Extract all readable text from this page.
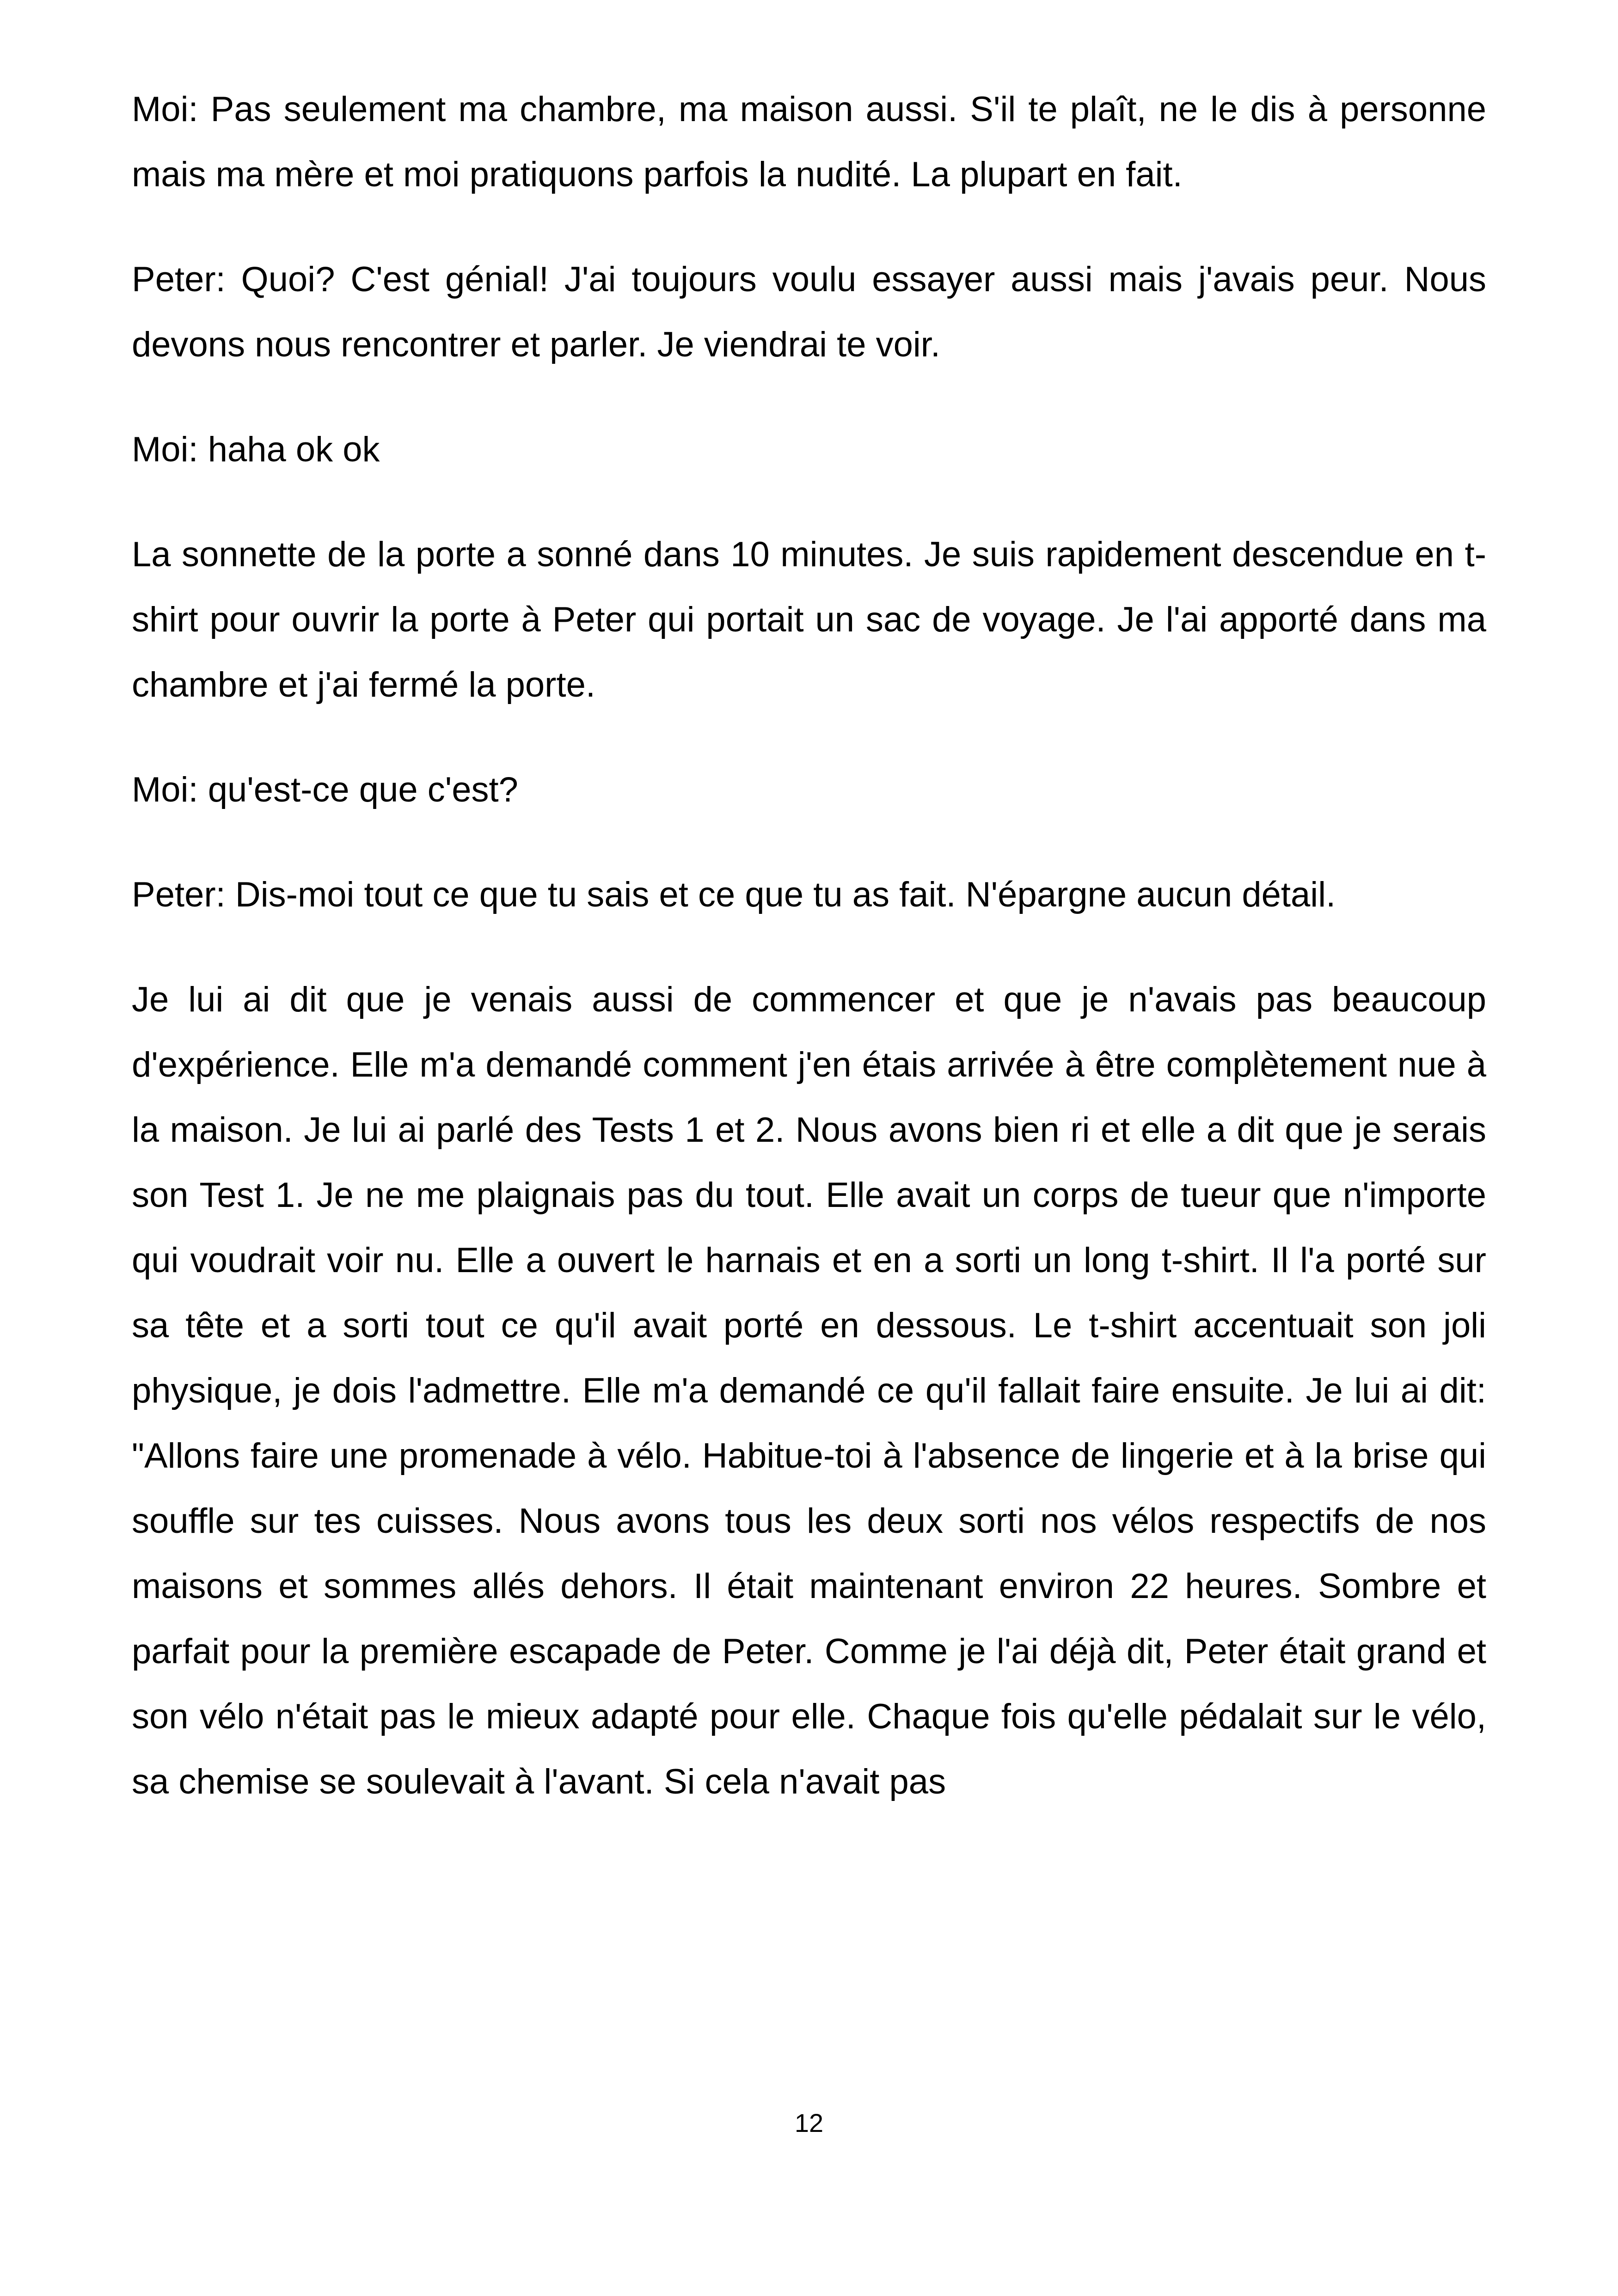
Moi: Pas seulement ma chambre, ma maison aussi. S'il te plaît, ne le dis à personne mais ma mère et moi pratiquons parfois la nudité. La plupart en fait.

Peter: Quoi? C'est génial! J'ai toujours voulu essayer aussi mais j'avais peur. Nous devons nous rencontrer et parler. Je viendrai te voir.

Moi: haha ok ok

La sonnette de la porte a sonné dans 10 minutes. Je suis rapidement descendue en t-shirt pour ouvrir la porte à Peter qui portait un sac de voyage. Je l'ai apporté dans ma chambre et j'ai fermé la porte.

Moi: qu'est-ce que c'est?

Peter: Dis-moi tout ce que tu sais et ce que tu as fait. N'épargne aucun détail.

Je lui ai dit que je venais aussi de commencer et que je n'avais pas beaucoup d'expérience. Elle m'a demandé comment j'en étais arrivée à être complètement nue à la maison. Je lui ai parlé des Tests 1 et 2. Nous avons bien ri et elle a dit que je serais son Test 1. Je ne me plaignais pas du tout. Elle avait un corps de tueur que n'importe qui voudrait voir nu. Elle a ouvert le harnais et en a sorti un long t-shirt. Il l'a porté sur sa tête et a sorti tout ce qu'il avait porté en dessous. Le t-shirt accentuait son joli physique, je dois l'admettre. Elle m'a demandé ce qu'il fallait faire ensuite. Je lui ai dit: "Allons faire une promenade à vélo. Habitue-toi à l'absence de lingerie et à la brise qui souffle sur tes cuisses. Nous avons tous les deux sorti nos vélos respectifs de nos maisons et sommes allés dehors. Il était maintenant environ 22 heures. Sombre et parfait pour la première escapade de Peter. Comme je l'ai déjà dit, Peter était grand et son vélo n'était pas le mieux adapté pour elle. Chaque fois qu'elle pédalait sur le vélo, sa chemise se soulevait à l'avant. Si cela n'avait pas

12
